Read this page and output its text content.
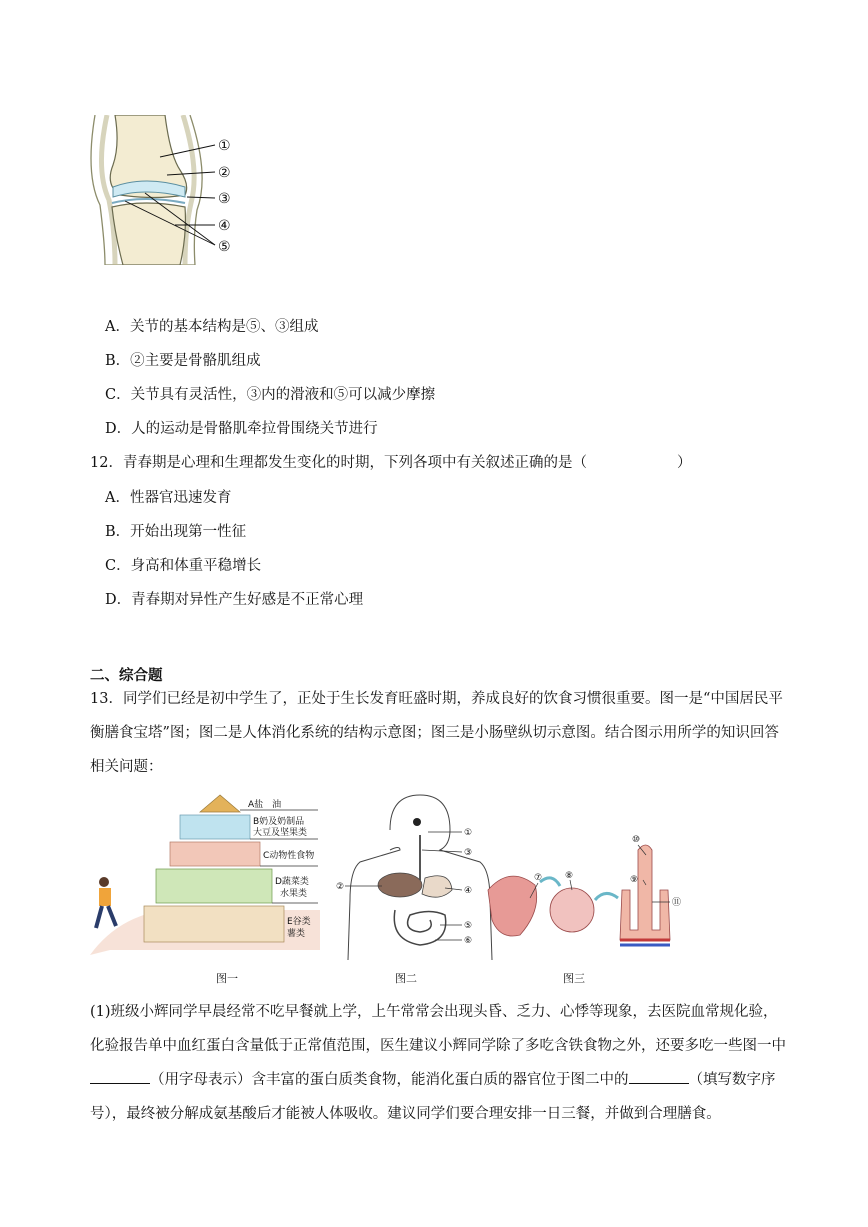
①
②
③
④
⑤
A．关节的基本结构是⑤、③组成
B．②主要是骨骼肌组成
C．关节具有灵活性，③内的滑液和⑤可以减少摩擦
D．人的运动是骨骼肌牵拉骨围绕关节进行
12．青春期是心理和生理都发生变化的时期，下列各项中有关叙述正确的是（	）
A．性器官迅速发育
B．开始出现第一性征
C．身高和体重平稳增长
D．青春期对异性产生好感是不正常心理
二、综合题
13．同学们已经是初中学生了，正处于生长发育旺盛时期，养成良好的饮食习惯很重要。图一是“中国居民平衡膳食宝塔”图；图二是人体消化系统的结构示意图；图三是小肠壁纵切示意图。结合图示用所学的知识回答相关问题：
A盐　油
B奶及奶制品
大豆及坚果类
C动物性食物
D蔬菜类
水果类
E谷类
薯类
①
②
③
④
⑤
⑥
⑦	⑧	⑨
⑩
⑪
图一	图二	图三
(1)班级小辉同学早晨经常不吃早餐就上学，上午常常会出现头昏、乏力、心悸等现象，去医院血常规化验，化验报告单中血红蛋白含量低于正常值范围，医生建议小辉同学除了多吃含铁食物之外，还要多吃一些图一中（用字母表示）含丰富的蛋白质类食物，能消化蛋白质的器官位于图二中的	（填写数字序号），最终被分解成氨基酸后才能被人体吸收。建议同学们要合理安排一日三餐，并做到合理膳食。
